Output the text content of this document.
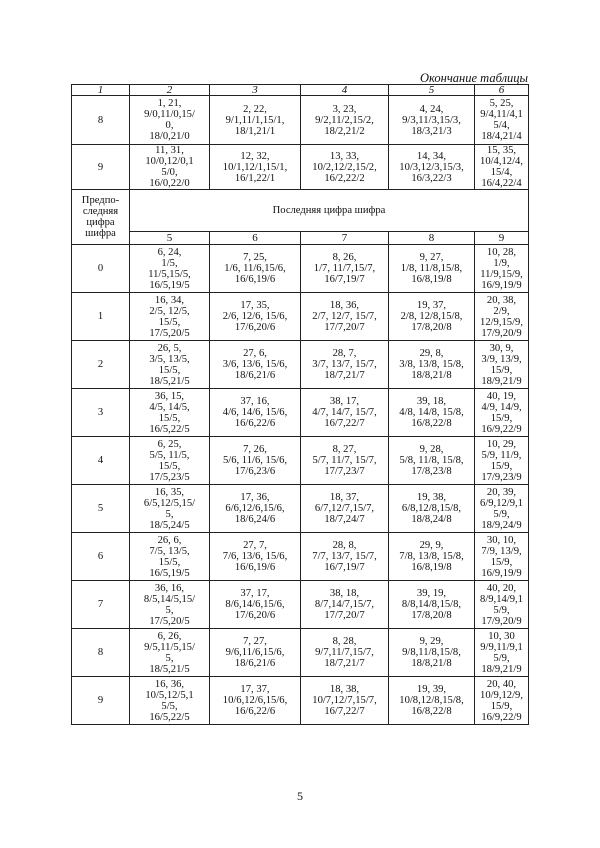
Окончание таблицы
1	2	3	4	5	6
8	1, 21,
9/0,11/0,15/
0,
18/0,21/0	2, 22,
9/1,11/1,15/1,
18/1,21/1	3, 23,
9/2,11/2,15/2,
18/2,21/2	4, 24,
9/3,11/3,15/3,
18/3,21/3	5, 25,
9/4,11/4,1
5/4,
18/4,21/4
9	11, 31,
10/0,12/0,1
5/0,
16/0,22/0	12, 32,
10/1,12/1,15/1,
16/1,22/1	13, 33,
10/2,12/2,15/2,
16/2,22/2	14, 34,
10/3,12/3,15/3,
16/3,22/3	15, 35,
10/4,12/4,
15/4,
16/4,22/4
Предпо-
следняя
цифра
шифра	Последняя цифра шифра				
	5	6	7	8	9
0	6, 24,
1/5,
11/5,15/5,
16/5,19/5	7, 25,
1/6, 11/6,15/6,
16/6,19/6	8, 26,
1/7, 11/7,15/7,
16/7,19/7	9, 27,
1/8, 11/8,15/8,
16/8,19/8	10, 28,
1/9,
11/9,15/9,
16/9,19/9
1	16, 34,
2/5, 12/5,
15/5,
17/5,20/5	17, 35,
2/6, 12/6, 15/6,
17/6,20/6	18, 36,
2/7, 12/7, 15/7,
17/7,20/7	19, 37,
2/8, 12/8,15/8,
17/8,20/8	20, 38,
2/9,
12/9,15/9,
17/9,20/9
2	26, 5,
3/5, 13/5,
15/5,
18/5,21/5	27, 6,
3/6, 13/6, 15/6,
18/6,21/6	28, 7,
3/7, 13/7, 15/7,
18/7,21/7	29, 8,
3/8, 13/8, 15/8,
18/8,21/8	30, 9,
3/9, 13/9,
15/9,
18/9,21/9
3	36, 15,
4/5, 14/5,
15/5,
16/5,22/5	37, 16,
4/6, 14/6, 15/6,
16/6,22/6	38, 17,
4/7, 14/7, 15/7,
16/7,22/7	39, 18,
4/8, 14/8, 15/8,
16/8,22/8	40, 19,
4/9, 14/9,
15/9,
16/9,22/9
4	6, 25,
5/5, 11/5,
15/5,
17/5,23/5	7, 26,
5/6, 11/6, 15/6,
17/6,23/6	8, 27,
5/7, 11/7, 15/7,
17/7,23/7	9, 28,
5/8, 11/8, 15/8,
17/8,23/8	10, 29,
5/9, 11/9,
15/9,
17/9,23/9
5	16, 35,
6/5,12/5,15/
5,
18/5,24/5	17, 36,
6/6,12/6,15/6,
18/6,24/6	18, 37,
6/7,12/7,15/7,
18/7,24/7	19, 38,
6/8,12/8,15/8,
18/8,24/8	20, 39,
6/9,12/9,1
5/9,
18/9,24/9
6	26, 6,
7/5, 13/5,
15/5,
16/5,19/5	27, 7,
7/6, 13/6, 15/6,
16/6,19/6	28, 8,
7/7, 13/7, 15/7,
16/7,19/7	29, 9,
7/8, 13/8, 15/8,
16/8,19/8	30, 10,
7/9, 13/9,
15/9,
16/9,19/9
7	36, 16,
8/5,14/5,15/
5,
17/5,20/5	37, 17,
8/6,14/6,15/6,
17/6,20/6	38, 18,
8/7,14/7,15/7,
17/7,20/7	39, 19,
8/8,14/8,15/8,
17/8,20/8	40, 20,
8/9,14/9,1
5/9,
17/9,20/9
8	6, 26,
9/5,11/5,15/
5,
18/5,21/5	7, 27,
9/6,11/6,15/6,
18/6,21/6	8, 28,
9/7,11/7,15/7,
18/7,21/7	9, 29,
9/8,11/8,15/8,
18/8,21/8	10, 30
9/9,11/9,1
5/9,
18/9,21/9
9	16, 36,
10/5,12/5,1
5/5,
16/5,22/5	17, 37,
10/6,12/6,15/6,
16/6,22/6	18, 38,
10/7,12/7,15/7,
16/7,22/7	19, 39,
10/8,12/8,15/8,
16/8,22/8	20, 40,
10/9,12/9,
15/9,
16/9,22/9
5
